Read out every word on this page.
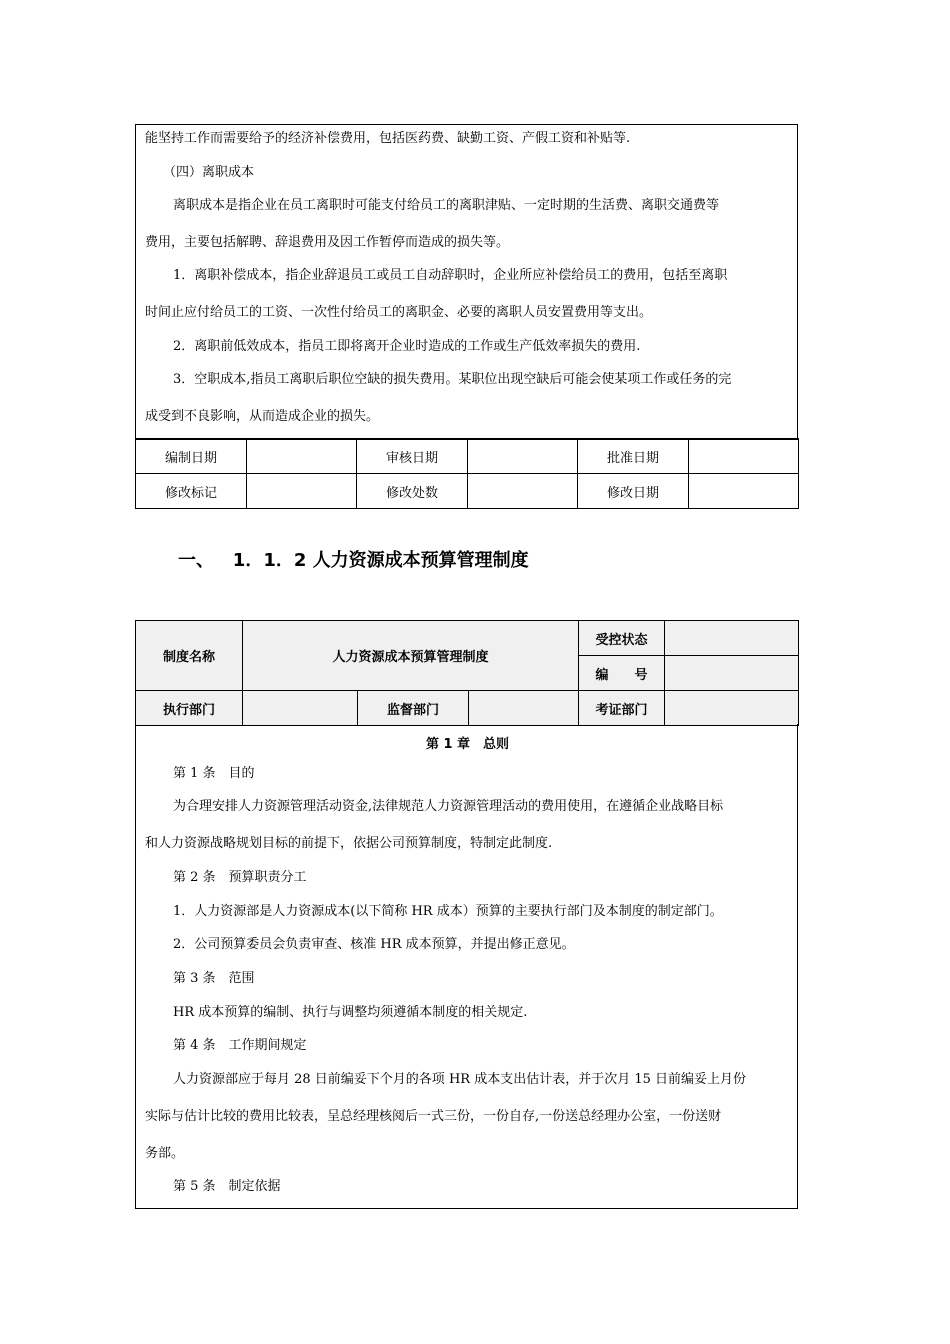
能坚持工作而需要给予的经济补偿费用，包括医药费、缺勤工资、产假工资和补贴等.
（四）离职成本
离职成本是指企业在员工离职时可能支付给员工的离职津贴、一定时期的生活费、离职交通费等
费用，主要包括解聘、辞退费用及因工作暂停而造成的损失等。
1．离职补偿成本，指企业辞退员工或员工自动辞职时，企业所应补偿给员工的费用，包括至离职
时间止应付给员工的工资、一次性付给员工的离职金、必要的离职人员安置费用等支出。
2．离职前低效成本，指员工即将离开企业时造成的工作或生产低效率损失的费用.
3．空职成本,指员工离职后职位空缺的损失费用。某职位出现空缺后可能会使某项工作或任务的完
成受到不良影响，从而造成企业的损失。
编制日期		审核日期		批准日期	
修改标记		修改处数		修改日期	
一、   1．1．2 人力资源成本预算管理制度
制度名称	人力资源成本预算管理制度			受控状态	
				编　　号	
执行部门		监督部门		考证部门	
第 1 章　总则
第 1 条　目的
为合理安排人力资源管理活动资金,法律规范人力资源管理活动的费用使用，在遵循企业战略目标
和人力资源战略规划目标的前提下，依据公司预算制度，特制定此制度.
第 2 条　预算职责分工
1．人力资源部是人力资源成本(以下简称 HR 成本）预算的主要执行部门及本制度的制定部门。
2．公司预算委员会负责审查、核准 HR 成本预算，并提出修正意见。
第 3 条　范围
HR 成本预算的编制、执行与调整均须遵循本制度的相关规定.
第 4 条　工作期间规定
人力资源部应于每月 28 日前编妥下个月的各项 HR 成本支出估计表，并于次月 15 日前编妥上月份
实际与估计比较的费用比较表，呈总经理核阅后一式三份，一份自存,一份送总经理办公室，一份送财
务部。
第 5 条　制定依据
